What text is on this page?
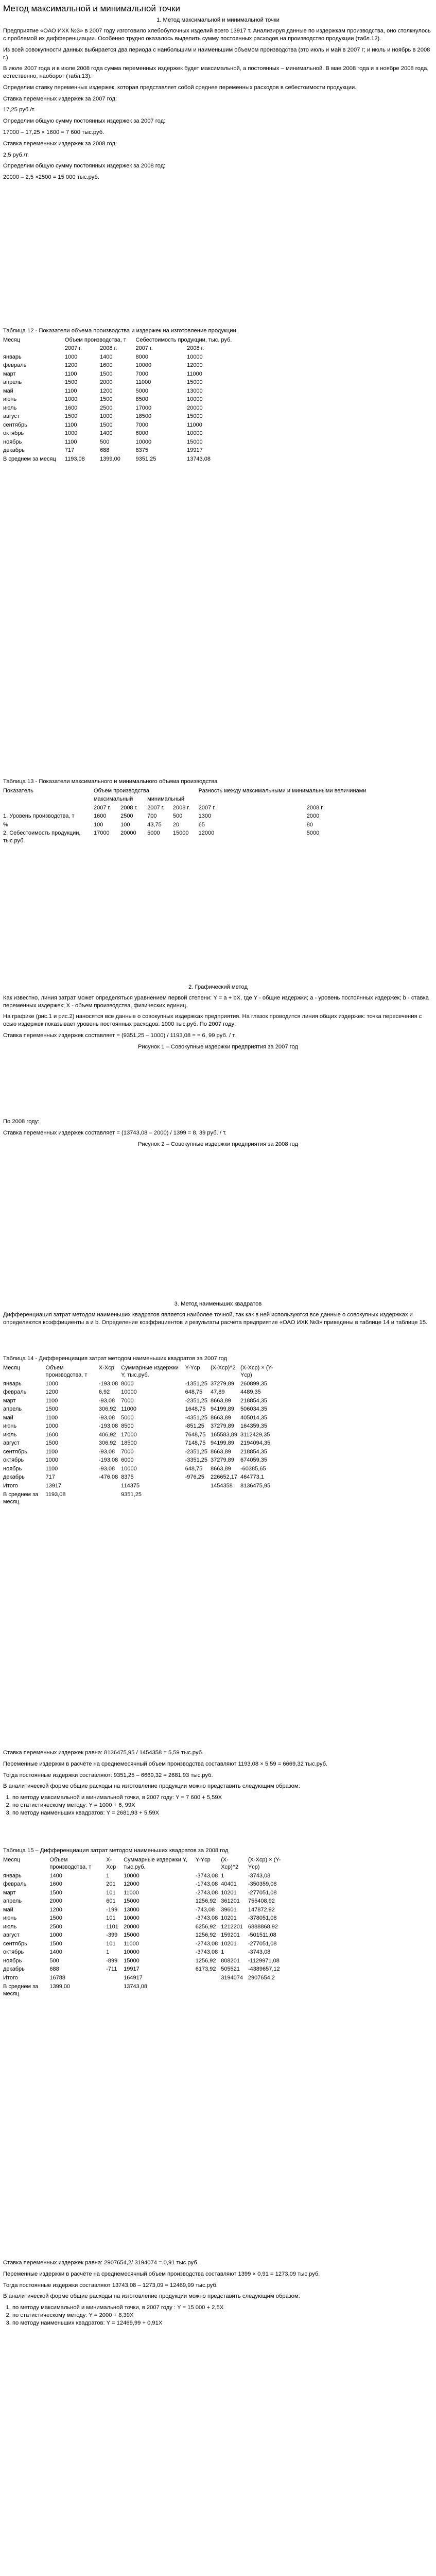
Метод максимальной и минимальной точки
1. Метод максимальной и минимальной точки

Предприятие «ОАО ИХК №3» в 2007 году изготовило хлебобулочных изделий всего 13917 т. Анализируя данные по издержкам производства, оно столкнулось с проблемой их дифференциации. Особенно трудно оказалось выделить сумму постоянных расходов на производство продукции (табл.12).

Из всей совокупности данных выбирается два периода с наибольшим и наименьшим объемом производства (это июль и май в 2007 г; и июль и ноябрь в 2008 г.)

В июле 2007 года и в июле 2008 года сумма переменных издержек будет максимальной, а постоянных – минимальной. В мае 2008 года и в ноябре 2008 года, естественно, наоборот (табл.13).

Определим ставку переменных издержек, которая представляет собой среднее переменных расходов в себестоимости продукции.

Ставка переменных издержек за 2007 год:

17,25 руб./т.

Определим общую сумму постоянных издержек за 2007 год:

17000 – 17,25 × 1600 = 7 600 тыс.руб.

Ставка переменных издержек за 2008 год:

2,5 руб./т.

Определим общую сумму постоянных издержек за 2008 год:

20000 – 2,5 ×2500 = 15 000 тыс.руб.

Таблица 12 - Показатели объема производства и издержек на изготовление продукции

Месяц	Объем производства, т		Себестоимость продукции, тыс. руб.	
	2007 г.	2008 г.	2007 г.	2008 г.
январь	1000	1400	8000	10000
февраль	1200	1600	10000	12000
март	1100	1500	7000	11000
апрель	1500	2000	11000	15000
май	1100	1200	5000	13000
июнь	1000	1500	8500	10000
июль	1600	2500	17000	20000
август	1500	1000	18500	15000
сентябрь	1100	1500	7000	11000
октябрь	1000	1400	6000	10000
ноябрь	1100	500	10000	15000
декабрь	717	688	8375	19917
В среднем за месяц	1193,08	1399,00	9351,25	13743,08

Таблица 13 - Показатели максимального и минимального объема производства

Показатель	Объем производства				Разность между максимальными и минимальными величинами	
	максимальный		минимальный			
	2007 г.	2008 г.	2007 г.	2008 г.	2007 г.	2008 г.
1. Уровень производства, т	1600	2500	700	500	1300	2000
%	100	100	43,75	20	65	80
2. Себестоимость продукции, тыс.руб.	17000	20000	5000	15000	12000	5000
2. Графический метод

Как известно, линия затрат может определяться уравнением первой степени: Y = a + bX, где Y - общие издержки; a - уровень постоянных издержек; b - ставка переменных издержек; X - объем производства, физических единиц.

На графике (рис.1 и рис.2) наносятся все данные о совокупных издержках предприятия. На глазок проводится линия общих издержек: точка пересечения с осью издержек показывает уровень постоянных расходов: 1000 тыс.руб. По 2007 году:

Ставка переменных издержек составляет = (9351,25 – 1000) / 1193,08 = = 6, 99 руб. / т.

Рисунок 1 – Совокупные издержки предприятия за 2007 год

По 2008 году:

Ставка переменных издержек составляет = (13743,08 – 2000) / 1399 = 8, 39 руб. / т.

Рисунок 2 – Совокупные издержки предприятия за 2008 год

3. Метод наименьших квадратов

Дифференциация затрат методом наименьших квадратов является наиболее точной, так как в ней используются все данные о совокупных издержках и определяются коэффициенты a и b. Определение коэффициентов и результаты расчета предприятие «ОАО ИХК №3» приведены в таблице 14 и таблице 15.

Таблица 14 - Дифференциация затрат методом наименьших квадратов за 2007 год

Месяц	Объем производства, т	X-Xср	Суммарные издержки Y, тыс.руб.	Y-Yср	(X-Xср)^2	(X-Xср) × (Y-Yср)
январь	1000	-193,08	8000	-1351,25	37279,89	260899,35
февраль	1200	6,92	10000	648,75	47,89	4489,35
март	1100	-93,08	7000	-2351,25	8663,89	218854,35
апрель	1500	306,92	11000	1648,75	94199,89	506034,35
май	1100	-93,08	5000	-4351,25	8663,89	405014,35
июнь	1000	-193,08	8500	-851,25	37279,89	164359,35
июль	1600	406,92	17000	7648,75	165583,89	3112429,35
август	1500	306,92	18500	7148,75	94199,89	2194094,35
сентябрь	1100	-93,08	7000	-2351,25	8663,89	218854,35
октябрь	1000	-193,08	6000	-3351,25	37279,89	674059,35
ноябрь	1100	-93,08	10000	648,75	8663,89	-60385,65
декабрь	717	-476,08	8375	-976,25	226652,17	464773,1
Итого	13917		114375		1454358	8136475,95
В среднем за месяц	1193,08		9351,25			

Ставка переменных издержек равна: 8136475,95 / 1454358 = 5,59 тыс.руб.

Переменные издержки в расчёте на среднемесячный объем производства составляют 1193,08 × 5,59 = 6669,32 тыс.руб.

Тогда постоянные издержки составляют: 9351,25 – 6669,32 = 2681,93 тыс.руб.

В аналитической форме общие расходы на изготовление продукции можно представить следующим образом:

1. по методу максимальной и минимальной точки, в 2007 году: Y = 7 600 + 5,59X
2. по статистическому методу: Y = 1000 + 6, 99X
3. по методу наименьших квадратов: Y = 2681,93 + 5,59X

Таблица 15 – Дифференциация затрат методом наименьших квадратов за 2008 год

Месяц	Объем производства, т	X-Xср	Суммарные издержки Y, тыс.руб.	Y-Yср	(X-Xср)^2	(X-Xср) × (Y-Yср)
январь	1400	1	10000	-3743,08	1	-3743,08
февраль	1600	201	12000	-1743,08	40401	-350359,08
март	1500	101	11000	-2743,08	10201	-277051,08
апрель	2000	601	15000	1256,92	361201	755408,92
май	1200	-199	13000	-743,08	39601	147872,92
июнь	1500	101	10000	-3743,08	10201	-378051,08
июль	2500	1101	20000	6256,92	1212201	6888868,92
август	1000	-399	15000	1256,92	159201	-501511,08
сентябрь	1500	101	11000	-2743,08	10201	-277051,08
октябрь	1400	1	10000	-3743,08	1	-3743,08
ноябрь	500	-899	15000	1256,92	808201	-1129971,08
декабрь	688	-711	19917	6173,92	505521	-4389657,12
Итого	16788		164917		3194074	2907654,2
В среднем за месяц	1399,00		13743,08			

Ставка переменных издержек равна: 2907654,2/ 3194074 = 0,91 тыс.руб.

Переменные издержки в расчёте на среднемесячный объем производства составляют 1399 × 0,91 = 1273,09 тыс.руб.

Тогда постоянные издержки составляют 13743,08 – 1273,09 = 12469,99 тыс.руб.

В аналитической форме общие расходы на изготовление продукции можно представить следующим образом:

1. по методу максимальной и минимальной точки, в 2007 году : Y = 15 000 + 2,5X
2. по статистическому методу: Y = 2000 + 8,39X
3. по методу наименьших квадратов: Y = 12469,99 + 0,91X
